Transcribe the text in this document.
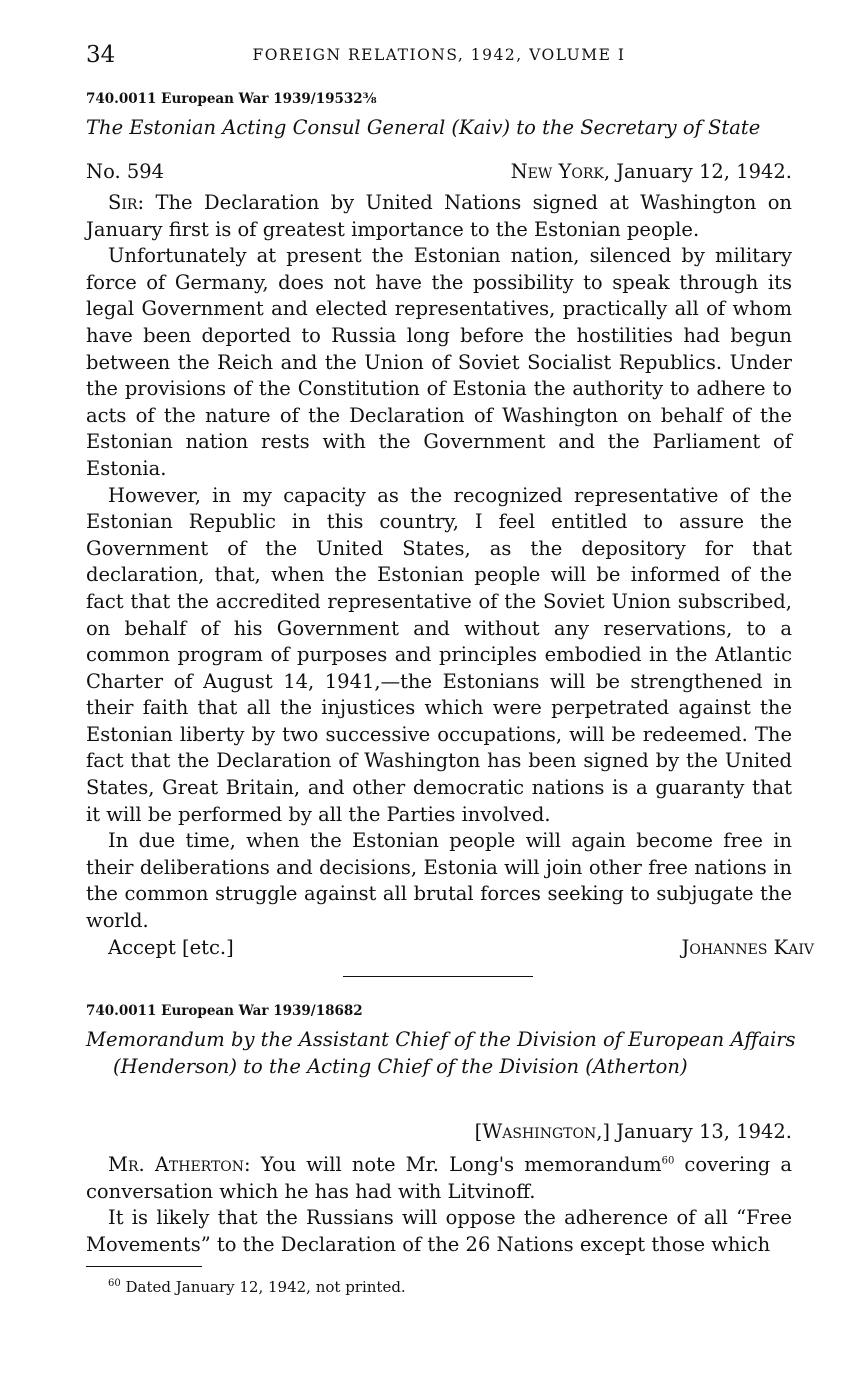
34	FOREIGN RELATIONS, 1942, VOLUME I
740.0011 European War 1939/19532⅜
The Estonian Acting Consul General (Kaiv) to the Secretary of State
No. 594	New York, January 12, 1942.

Sir: The Declaration by United Nations signed at Washington on January first is of greatest importance to the Estonian people.

Unfortunately at present the Estonian nation, silenced by military force of Germany, does not have the possibility to speak through its legal Government and elected representatives, practically all of whom have been deported to Russia long before the hostilities had begun between the Reich and the Union of Soviet Socialist Republics. Under the provisions of the Constitution of Estonia the authority to adhere to acts of the nature of the Declaration of Washington on behalf of the Estonian nation rests with the Government and the Parliament of Estonia.

However, in my capacity as the recognized representative of the Estonian Republic in this country, I feel entitled to assure the Government of the United States, as the depository for that declaration, that, when the Estonian people will be informed of the fact that the accredited representative of the Soviet Union subscribed, on behalf of his Government and without any reservations, to a common program of purposes and principles embodied in the Atlantic Charter of August 14, 1941,—the Estonians will be strengthened in their faith that all the injustices which were perpetrated against the Estonian liberty by two successive occupations, will be redeemed. The fact that the Declaration of Washington has been signed by the United States, Great Britain, and other democratic nations is a guaranty that it will be performed by all the Parties involved.

In due time, when the Estonian people will again become free in their deliberations and decisions, Estonia will join other free nations in the common struggle against all brutal forces seeking to subjugate the world.

Accept [etc.]	Johannes Kaiv
740.0011 European War 1939/18682
Memorandum by the Assistant Chief of the Division of European Affairs (Henderson) to the Acting Chief of the Division (Atherton)
[Washington,] January 13, 1942.

Mr. Atherton: You will note Mr. Long's memorandum$^{60}$ covering a conversation which he has had with Litvinoff.

It is likely that the Russians will oppose the adherence of all “Free Movements” to the Declaration of the 26 Nations except those which

$^{60}$ Dated January 12, 1942, not printed.
